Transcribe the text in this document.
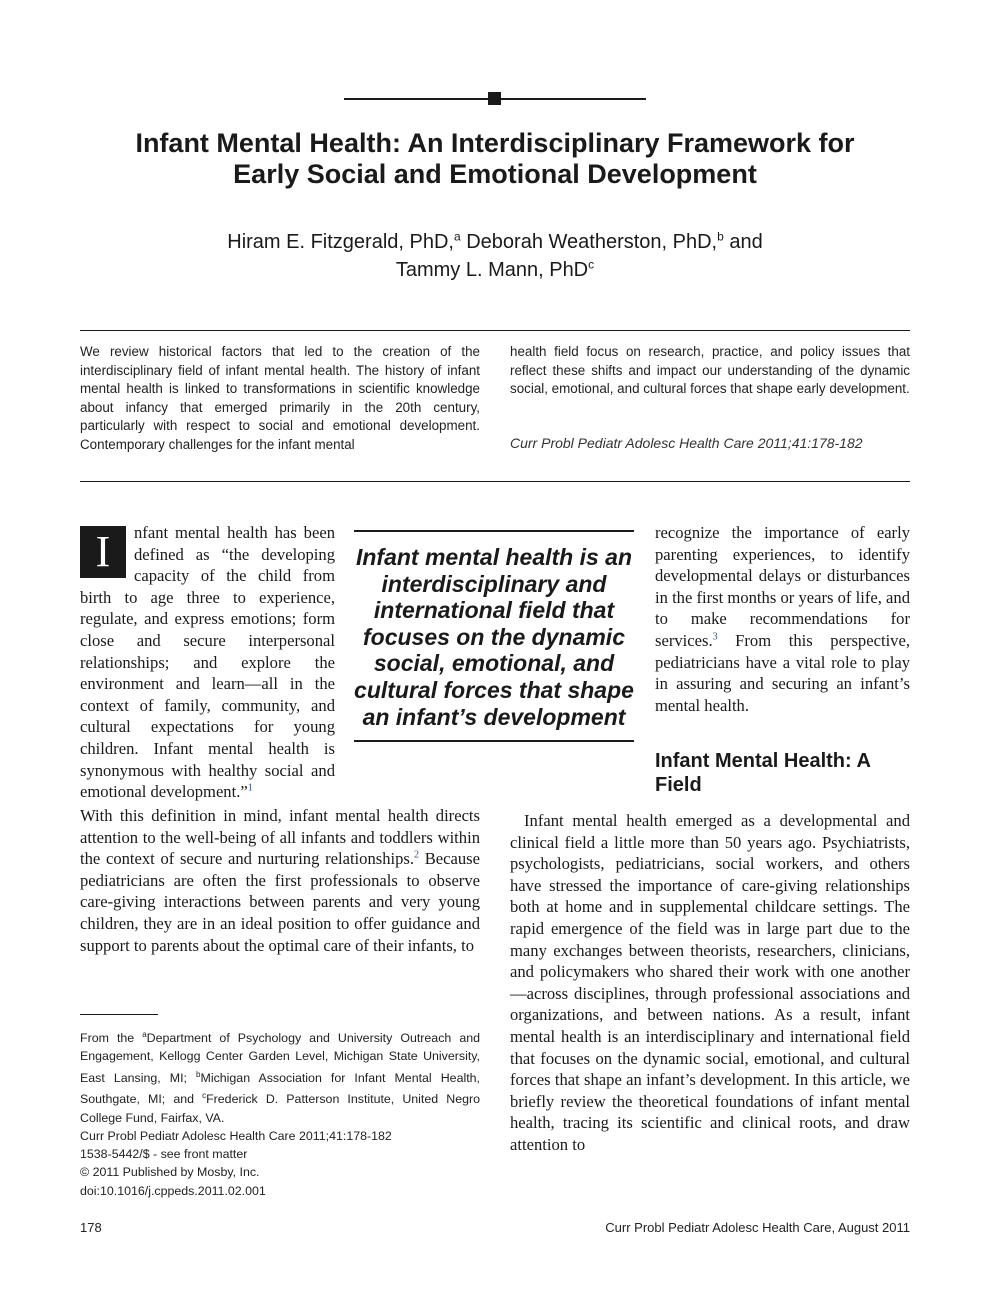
Infant Mental Health: An Interdisciplinary Framework for
Early Social and Emotional Development
Hiram E. Fitzgerald, PhD,$^a$ Deborah Weatherston, PhD,$^b$ and
Tammy L. Mann, PhD$^c$
We review historical factors that led to the creation of the interdisciplinary field of infant mental health. The history of infant mental health is linked to transformations in scientific knowledge about infancy that emerged primarily in the 20th century, particularly with respect to social and emotional development. Contemporary challenges for the infant mental
health field focus on research, practice, and policy issues that reflect these shifts and impact our understanding of the dynamic social, emotional, and cultural forces that shape early development.
Curr Probl Pediatr Adolesc Health Care 2011;41:178-182
I	nfant mental health has been defined as “the developing capacity of the child from birth to age three to experience, regulate, and express emotions; form close and secure interpersonal relationships; and explore the environment and learn—all in the context of family, community, and cultural expectations for young children. Infant mental health is synonymous with healthy social and emotional development.”$^1$
With this definition in mind, infant mental health directs attention to the well-being of all infants and toddlers within the context of secure and nurturing relationships.$^2$ Because pediatricians are often the first professionals to observe care-giving interactions between parents and very young children, they are in an ideal position to offer guidance and support to parents about the optimal care of their infants, to
Infant mental health is an interdisciplinary and international field that focuses on the dynamic social, emotional, and cultural forces that shape an infant’s development
recognize the importance of early parenting experiences, to identify developmental delays or disturbances in the first months or years of life, and to make recommendations for services.$^3$ From this perspective, pediatricians have a vital role to play in assuring and securing an infant’s mental health.
Infant Mental Health: A Field
Infant mental health emerged as a developmental and clinical field a little more than 50 years ago. Psychiatrists, psychologists, pediatricians, social workers, and others have stressed the importance of care-giving relationships both at home and in supplemental childcare settings. The rapid emergence of the field was in large part due to the many exchanges between theorists, researchers, clinicians, and policymakers who shared their work with one another—across disciplines, through professional associations and organizations, and between nations. As a result, infant mental health is an interdisciplinary and international field that focuses on the dynamic social, emotional, and cultural forces that shape an infant’s development. In this article, we briefly review the theoretical foundations of infant mental health, tracing its scientific and clinical roots, and draw attention to

From the $^a$Department of Psychology and University Outreach and Engagement, Kellogg Center Garden Level, Michigan State University, East Lansing, MI; $^b$Michigan Association for Infant Mental Health, Southgate, MI; and $^c$Frederick D. Patterson Institute, United Negro College Fund, Fairfax, VA.

Curr Probl Pediatr Adolesc Health Care 2011;41:178-182

1538-5442/$ - see front matter

© 2011 Published by Mosby, Inc.

doi:10.1016/j.cppeds.2011.02.001

178	Curr Probl Pediatr Adolesc Health Care, August 2011
